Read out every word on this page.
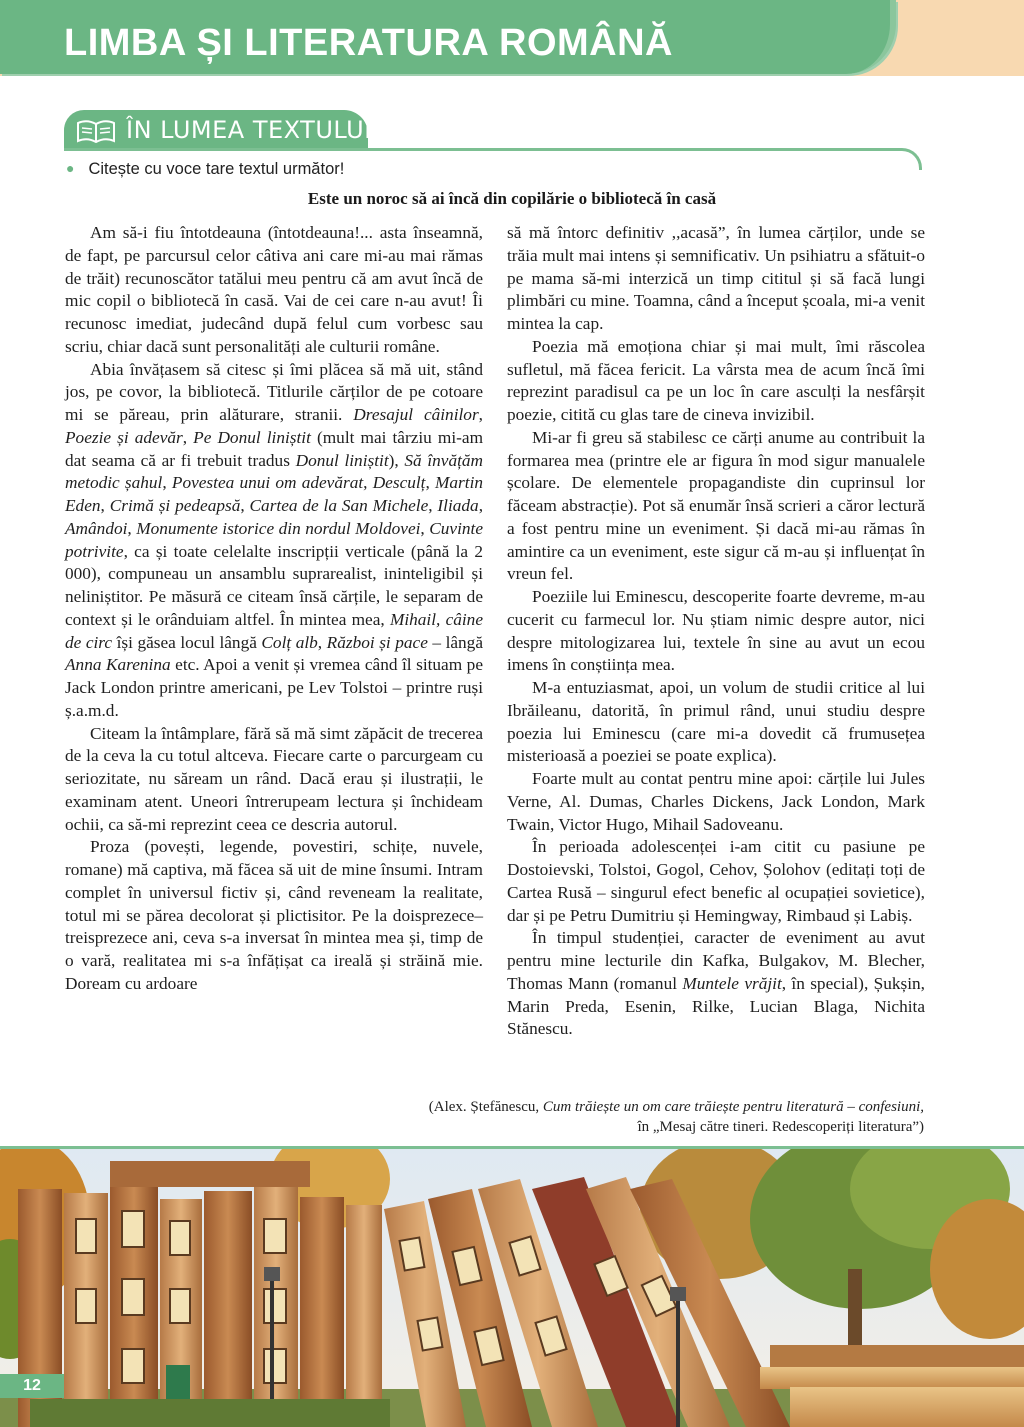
LIMBA ȘI LITERATURA ROMÂNĂ
ÎN LUMEA TEXTULUI
● Citește cu voce tare textul următor!
Este un noroc să ai încă din copilărie o bibliotecă în casă

Am să-i fiu întotdeauna (întotdeauna!... asta înseamnă, de fapt, pe parcursul celor câtiva ani care mi-au mai rămas de trăit) recunoscător tatălui meu pentru că am avut încă de mic copil o bibliotecă în casă. Vai de cei care n-au avut! Îi recunosc imediat, judecând după felul cum vorbesc sau scriu, chiar dacă sunt personalități ale culturii române.

Abia învățasem să citesc și îmi plăcea să mă uit, stând jos, pe covor, la bibliotecă. Titlurile cărților de pe cotoare mi se păreau, prin alăturare, stranii. Dresajul câinilor, Poezie și adevăr, Pe Donul liniștit (mult mai târziu mi-am dat seama că ar fi trebuit tradus Donul liniștit), Să învățăm metodic șahul, Povestea unui om adevărat, Desculț, Martin Eden, Crimă și pedeapsă, Cartea de la San Michele, Iliada, Amândoi, Monumente istorice din nordul Moldovei, Cuvinte potrivite, ca și toate celelalte inscripții verticale (până la 2 000), compuneau un ansamblu suprarealist, ininteligibil și neliniștitor. Pe măsură ce citeam însă cărțile, le separam de context și le orânduiam altfel. În mintea mea, Mihail, câine de circ își găsea locul lângă Colț alb, Război și pace – lângă Anna Karenina etc. Apoi a venit și vremea când îl situam pe Jack London printre americani, pe Lev Tolstoi – printre ruși ș.a.m.d.

Citeam la întâmplare, fără să mă simt zăpăcit de trecerea de la ceva la cu totul altceva. Fiecare carte o parcurgeam cu seriozitate, nu săream un rând. Dacă erau și ilustrații, le examinam atent. Uneori întrerupeam lectura și închideam ochii, ca să-mi reprezint ceea ce descria autorul.

Proza (povești, legende, povestiri, schițe, nuvele, romane) mă captiva, mă făcea să uit de mine însumi. Intram complet în universul fictiv și, când reveneam la realitate, totul mi se părea decolorat și plictisitor. Pe la doisprezece–treisprezece ani, ceva s-a inversat în mintea mea și, timp de o vară, realitatea mi s-a înfățișat ca ireală și străină mie. Doream cu ardoare

să mă întorc definitiv ,,acasă”, în lumea cărților, unde se trăia mult mai intens și semnificativ. Un psihiatru a sfătuit-o pe mama să-mi interzică un timp cititul și să facă lungi plimbări cu mine. Toamna, când a început școala, mi-a venit mintea la cap.

Poezia mă emoționa chiar și mai mult, îmi răscolea sufletul, mă făcea fericit. La vârsta mea de acum încă îmi reprezint paradisul ca pe un loc în care asculți la nesfârșit poezie, citită cu glas tare de cineva invizibil.

Mi-ar fi greu să stabilesc ce cărți anume au contribuit la formarea mea (printre ele ar figura în mod sigur manualele școlare. De elementele propagandiste din cuprinsul lor făceam abstracție). Pot să enumăr însă scrieri a căror lectură a fost pentru mine un eveniment. Și dacă mi-au rămas în amintire ca un eveniment, este sigur că m-au și influențat în vreun fel.

Poeziile lui Eminescu, descoperite foarte devreme, m-au cucerit cu farmecul lor. Nu știam nimic despre autor, nici despre mitologizarea lui, textele în sine au avut un ecou imens în conștiința mea.

M-a entuziasmat, apoi, un volum de studii critice al lui Ibrăileanu, datorită, în primul rând, unui studiu despre poezia lui Eminescu (care mi-a dovedit că frumusețea misterioasă a poeziei se poate explica).

Foarte mult au contat pentru mine apoi: cărțile lui Jules Verne, Al. Dumas, Charles Dickens, Jack London, Mark Twain, Victor Hugo, Mihail Sadoveanu.

În perioada adolescenței i-am citit cu pasiune pe Dostoievski, Tolstoi, Gogol, Cehov, Șolohov (editați toți de Cartea Rusă – singurul efect benefic al ocupației sovietice), dar și pe Petru Dumitriu și Hemingway, Rimbaud și Labiș.

În timpul studenției, caracter de eveniment au avut pentru mine lecturile din Kafka, Bulgakov, M. Blecher, Thomas Mann (romanul Muntele vrăjit, în special), Șukșin, Marin Preda, Esenin, Rilke, Lucian Blaga, Nichita Stănescu.

(Alex. Ștefănescu, Cum trăiește un om care trăiește pentru literatură – confesiuni,
în „Mesaj către tineri. Redescoperiți literatura”)
12
